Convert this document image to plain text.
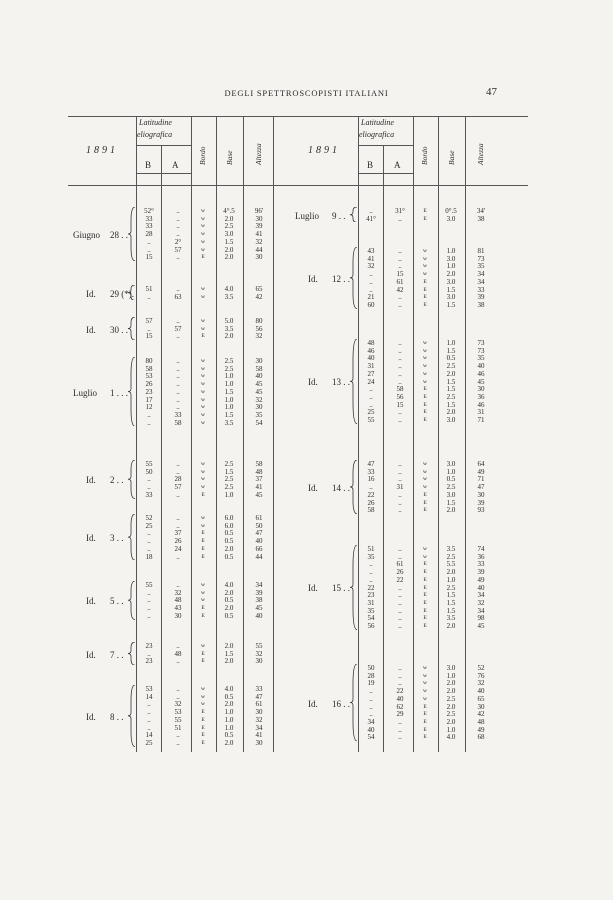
DEGLI SPETTROSCOPISTI ITALIANI	47
1891
Latitudine
eliografica
B A	Bordo Base	Altezza
Giugno 28 . .
52°	..	w	4°.5	96'
33	..	w	2.0	30
33	..	w	2.5	39
28	..	w	3.0	41
..	2°	w	1.5	32
..	57	w	2.0	44
15	..	E	2.0	30
Id. 29 (*).	51	..	w	4.0	65
..	63	w	3.5	42
Id. 30 . .
57	..	w	5.0	80
..	57	w	3.5	56
15	..	E	2.0	32
Luglio 1 . . .
80	..	w	2.5	30
58	..	w	2.5	58
53	..	w	1.0	40
26	..	w	1.0	45
23	..	w	1.5	45
17	..	w	1.0	32
12	..	w	1.0	30
..	33	w	1.5	35
..	58	w	3.5	54
Id. 2 . .
55	..	w	2.5	58
50	..	w	1.5	48
..	28	w	2.5	37
..	57	w	2.5	41
33	..	E	1.0	45
Id. 3 . .
52	..	w	6.0	61
25	..	w	6.0	50
..	37	E	0.5	47
..	26	E	0.5	40
..	24	E	2.0	66
18	..	E	0.5	44
Id. 5 . .
55	..	w	4.0	34
..	32	w	2.0	39
..	48	w	0.5	38
..	43	E	2.0	45
..	30	E	0.5	40
Id. 7 . .
23	..	w	2.0	55
..	48	E	1.5	32
23	..	E	2.0	30
Id. 8 . .
53	..	w	4.0	33
14	..	w	0.5	47
..	32	w	2.0	61
..	53	E	1.0	30
..	55	E	1.0	32
..	51	E	1.0	34
14	..	E	0.5	41
25	..	E	2.0	30
1891
Latitudine
eliografica
B A	Bordo Base	Altezza
Luglio 9 . .	..	31°	E	0°.5	34'
41°	..	E	3.0	38
Id. 12 . .
43	..	w	1.0	81
41	..	w	3.0	73
32	..	w	1.0	35
..	15	w	2.0	34
..	61	E	3.0	34
..	42	E	1.5	33
21	..	E	3.0	39
60	..	E	1.5	38
Id. 13 . .
48	..	w	1.0	73
46	..	w	1.5	73
40	..	w	0.5	35
31	..	w	2.5	40
27	..	w	2.0	46
24	..	w	1.5	45
..	58	E	1.5	30
..	56	E	2.5	36
..	15	E	1.5	46
25	..	E	2.0	31
55	..	E	3.0	71
Id. 14 . .
47	..	w	3.0	64
33	..	w	1.0	49
16	..	w	0.5	71
..	31	w	2.5	47
22	..	E	3.0	30
26	..	E	1.5	39
58	..	E	2.0	93
Id. 15 . .
51	..	w	3.5	74
35	..	w	2.5	36
..	61	E	5.5	33
..	26	E	2.0	39
..	22	E	1.0	49
22	..	E	2.5	40
23	..	E	1.5	34
31	..	E	1.5	32
35	..	E	1.5	34
54	..	E	3.5	98
56	..	E	2.0	45
Id. 16 . .
50	..	w	3.0	52
28	..	w	1.0	76
19	..	w	2.0	32
..	22	w	2.0	40
..	40	w	2.5	65
..	62	E	2.0	30
..	29	E	2.5	42
34	..	E	2.0	48
40	..	E	1.0	49
54	..	E	4.0	68
